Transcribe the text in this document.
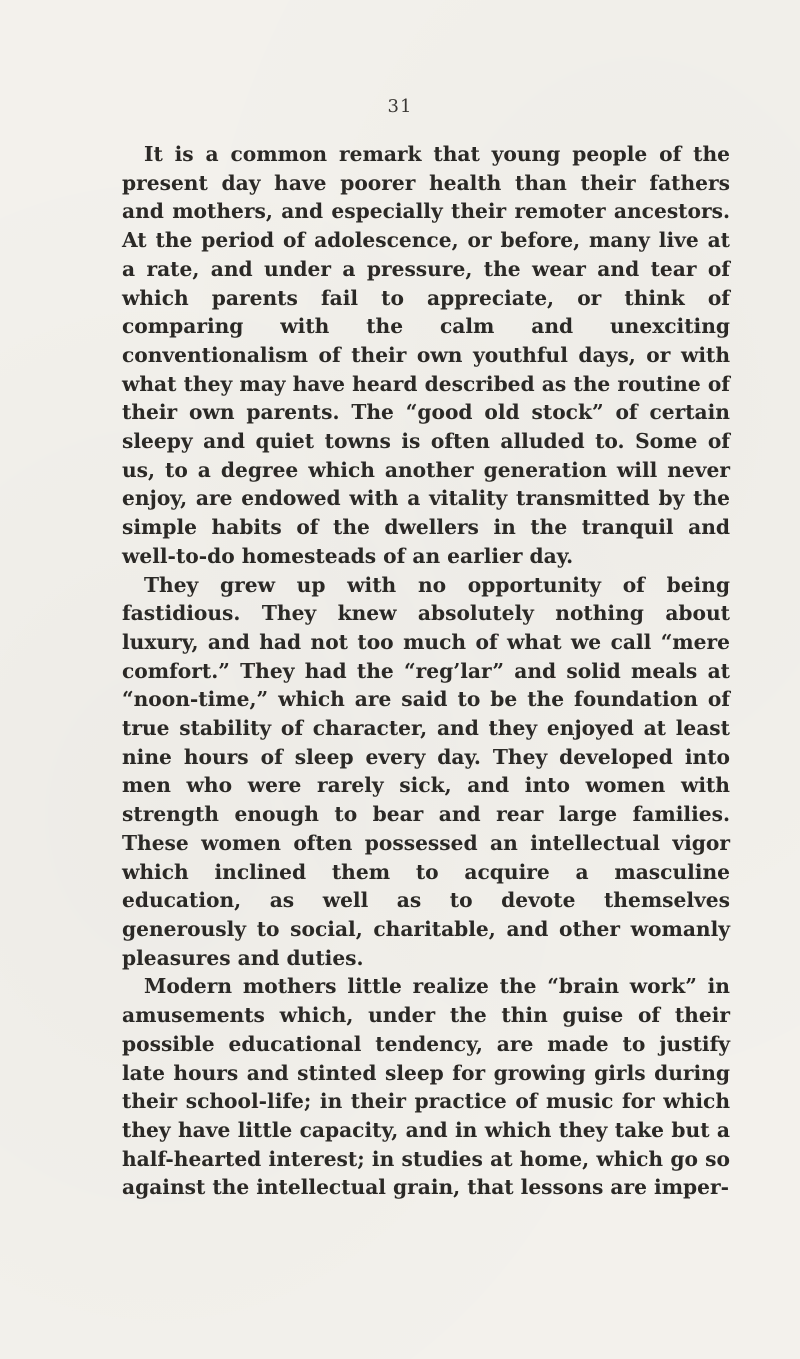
31

It is a common remark that young people of the present day have poorer health than their fathers and mothers, and especially their remoter ancestors. At the period of adolescence, or before, many live at a rate, and under a pressure, the wear and tear of which parents fail to appreciate, or think of comparing with the calm and unexciting conventionalism of their own youthful days, or with what they may have heard described as the routine of their own parents. The “good old stock” of certain sleepy and quiet towns is often alluded to. Some of us, to a degree which another generation will never enjoy, are endowed with a vitality transmitted by the simple habits of the dwellers in the tranquil and well-to-do homesteads of an earlier day.

They grew up with no opportunity of being fastidious. They knew absolutely nothing about luxury, and had not too much of what we call “mere comfort.” They had the “reg’lar” and solid meals at “noon-time,” which are said to be the foundation of true stability of character, and they enjoyed at least nine hours of sleep every day. They developed into men who were rarely sick, and into women with strength enough to bear and rear large families. These women often possessed an intellectual vigor which inclined them to acquire a masculine education, as well as to devote themselves generously to social, charitable, and other womanly pleasures and duties.

Modern mothers little realize the “brain work” in amusements which, under the thin guise of their possible educational tendency, are made to justify late hours and stinted sleep for growing girls during their school-life; in their practice of music for which they have little capacity, and in which they take but a half-hearted interest; in studies at home, which go so against the intellectual grain, that lessons are imper-
